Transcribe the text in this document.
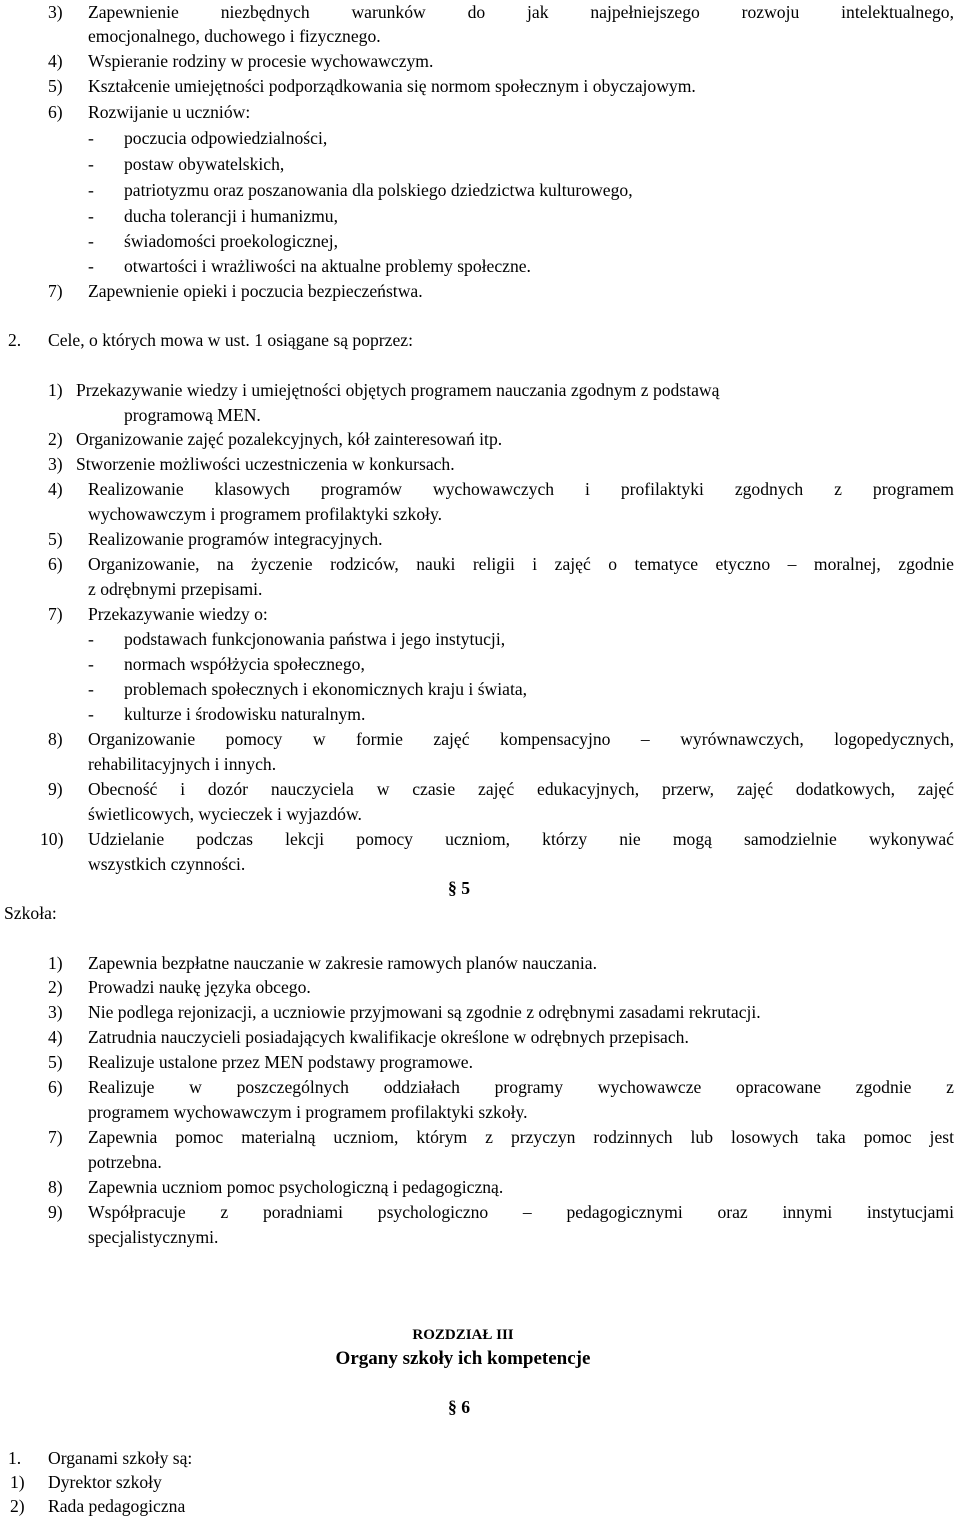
3) Zapewnienie niezbędnych warunków do jak najpełniejszego rozwoju intelektualnego,
emocjonalnego, duchowego i fizycznego.
4) Wspieranie rodziny w procesie wychowawczym.
5) Kształcenie umiejętności podporządkowania się normom społecznym i obyczajowym.
6) Rozwijanie u uczniów:
- poczucia odpowiedzialności,
- postaw obywatelskich,
- patriotyzmu oraz poszanowania dla polskiego dziedzictwa kulturowego,
- ducha tolerancji i humanizmu,
- świadomości proekologicznej,
- otwartości i wrażliwości na aktualne problemy społeczne.
7) Zapewnienie opieki i poczucia bezpieczeństwa.
2. Cele, o których mowa w ust. 1 osiągane są poprzez:
1) Przekazywanie wiedzy i umiejętności objętych programem nauczania zgodnym z podstawą
programową MEN.
2) Organizowanie zajęć pozalekcyjnych, kół zainteresowań itp.
3) Stworzenie możliwości uczestniczenia w konkursach.
4) Realizowanie klasowych programów wychowawczych i profilaktyki zgodnych z programem
wychowawczym i programem profilaktyki szkoły.
5) Realizowanie programów integracyjnych.
6) Organizowanie, na życzenie rodziców, nauki religii i zajęć o tematyce etyczno – moralnej, zgodnie
z odrębnymi przepisami.
7) Przekazywanie wiedzy o:
- podstawach funkcjonowania państwa i jego instytucji,
- normach współżycia społecznego,
- problemach społecznych i ekonomicznych kraju i świata,
- kulturze i środowisku naturalnym.
8) Organizowanie pomocy w formie zajęć kompensacyjno – wyrównawczych, logopedycznych,
rehabilitacyjnych i innych.
9) Obecność i dozór nauczyciela w czasie zajęć edukacyjnych, przerw, zajęć dodatkowych, zajęć
świetlicowych, wycieczek i wyjazdów.
10) Udzielanie podczas lekcji pomocy uczniom, którzy nie mogą samodzielnie wykonywać
wszystkich czynności.
§ 5
Szkoła:
1) Zapewnia bezpłatne nauczanie w zakresie ramowych planów nauczania.
2) Prowadzi naukę języka obcego.
3) Nie podlega rejonizacji, a uczniowie przyjmowani są zgodnie z odrębnymi zasadami rekrutacji.
4) Zatrudnia nauczycieli posiadających kwalifikacje określone w odrębnych przepisach.
5) Realizuje ustalone przez MEN podstawy programowe.
6) Realizuje w poszczególnych oddziałach programy wychowawcze opracowane zgodnie z
programem wychowawczym i programem profilaktyki szkoły.
7) Zapewnia pomoc materialną uczniom, którym z przyczyn rodzinnych lub losowych taka pomoc jest
potrzebna.
8) Zapewnia uczniom pomoc psychologiczną i pedagogiczną.
9) Współpracuje z poradniami psychologiczno – pedagogicznymi oraz innymi instytucjami
specjalistycznymi.
ROZDZIAŁ III
Organy szkoły ich kompetencje
§ 6
1. Organami szkoły są:
1) Dyrektor szkoły
2) Rada pedagogiczna
